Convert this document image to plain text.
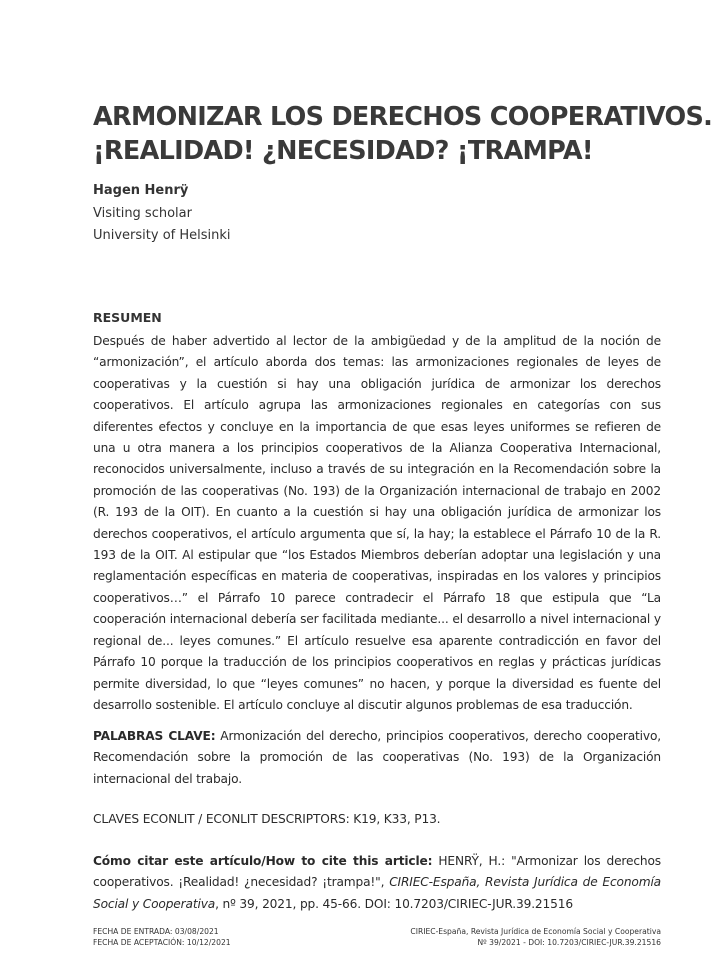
ARMONIZAR LOS DERECHOS COOPERATIVOS.
¡REALIDAD! ¿NECESIDAD? ¡TRAMPA!
Hagen Henrÿ
Visiting scholar
University of Helsinki
RESUMEN

Después de haber advertido al lector de la ambigüedad y de la amplitud de la noción de “armonización”, el artículo aborda dos temas: las armonizaciones regionales de leyes de cooperativas y la cuestión si hay una obligación jurídica de armonizar los derechos cooperativos. El artículo agrupa las armonizaciones regionales en categorías con sus diferentes efectos y concluye en la importancia de que esas leyes uniformes se refieren de una u otra manera a los principios cooperativos de la Alianza Cooperativa Internacional, reconocidos universalmente, incluso a través de su integración en la Recomendación sobre la promoción de las cooperativas (No. 193) de la Organización internacional de trabajo en 2002 (R. 193 de la OIT). En cuanto a la cuestión si hay una obligación jurídica de armonizar los derechos cooperativos, el artículo argumenta que sí, la hay; la establece el Párrafo 10 de la R. 193 de la OIT. Al estipular que “los Estados Miembros deberían adoptar una legislación y una reglamentación específicas en materia de cooperativas, inspiradas en los valores y principios cooperativos…” el Párrafo 10 parece contradecir el Párrafo 18 que estipula que “La cooperación internacional debería ser facilitada mediante... el desarrollo a nivel internacional y regional de... leyes comunes.” El artículo resuelve esa aparente contradicción en favor del Párrafo 10 porque la traducción de los principios cooperativos en reglas y prácticas jurídicas permite diversidad, lo que “leyes comunes” no hacen, y porque la diversidad es fuente del desarrollo sostenible. El artículo concluye al discutir algunos problemas de esa traducción.

PALABRAS CLAVE: Armonización del derecho, principios cooperativos, derecho cooperativo, Recomendación sobre la promoción de las cooperativas (No. 193) de la Organización internacional del trabajo.

CLAVES ECONLIT / ECONLIT DESCRIPTORS: K19, K33, P13.

Cómo citar este artículo/How to cite this article: HENRŸ, H.: "Armonizar los derechos cooperativos. ¡Realidad! ¿necesidad? ¡trampa!", CIRIEC-España, Revista Jurídica de Economía Social y Cooperativa, nº 39, 2021, pp. 45-66. DOI: 10.7203/CIRIEC-JUR.39.21516

FECHA DE ENTRADA: 03/08/2021
FECHA DE ACEPTACIÓN: 10/12/2021
CIRIEC-España, Revista Jurídica de Economía Social y Cooperativa
Nº 39/2021 - DOI: 10.7203/CIRIEC-JUR.39.21516
